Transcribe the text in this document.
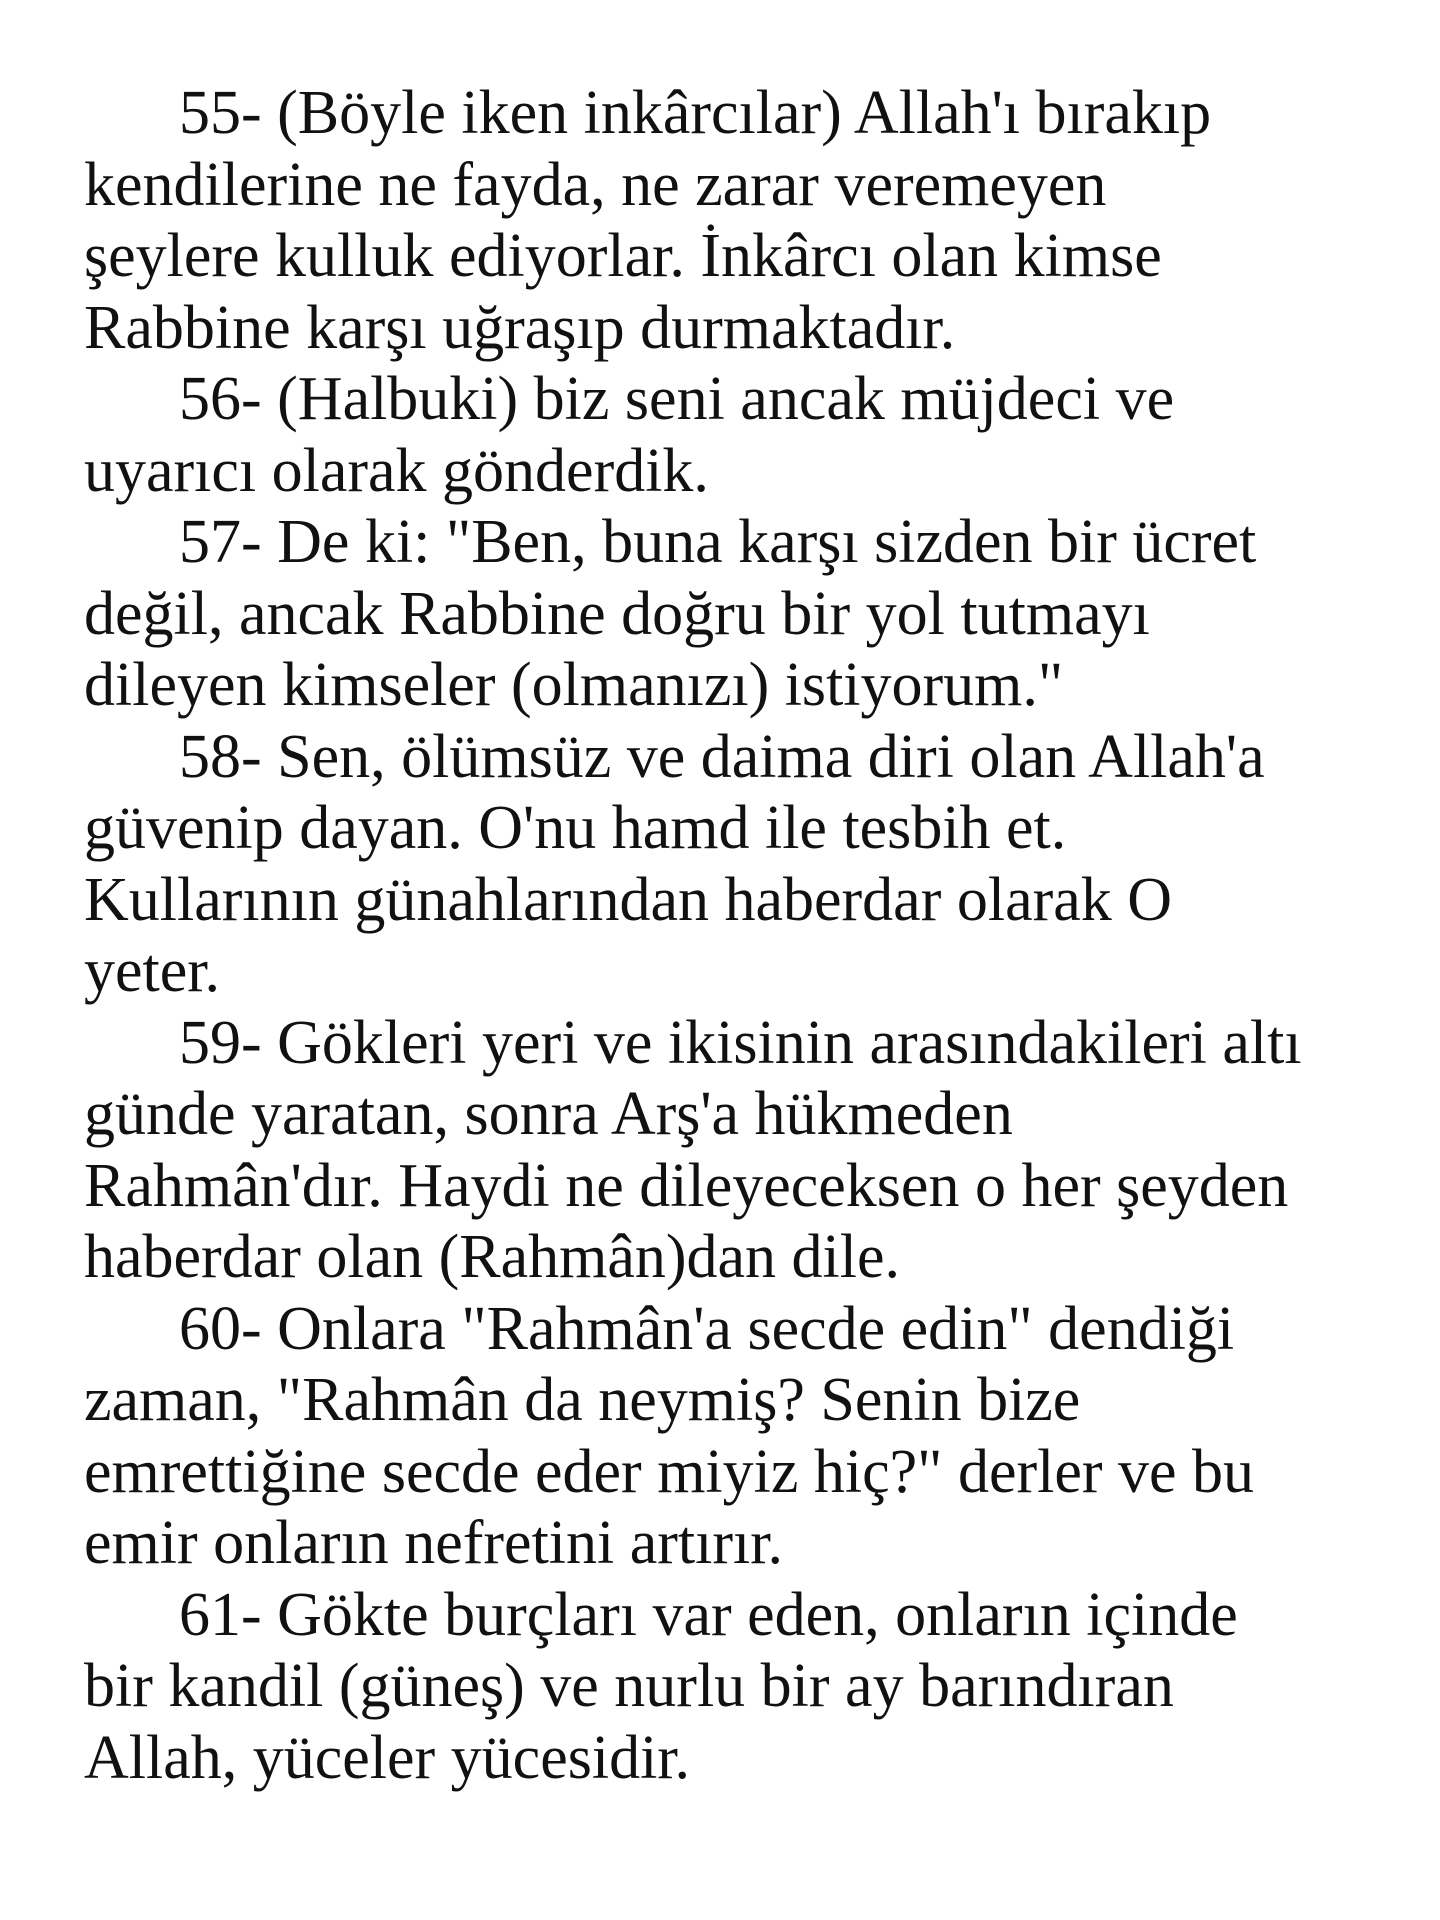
55- (Böyle iken inkârcılar) Allah'ı bırakıp
kendilerine ne fayda, ne zarar veremeyen
şeylere kulluk ediyorlar. İnkârcı olan kimse
Rabbine karşı uğraşıp durmaktadır.

56- (Halbuki) biz seni ancak müjdeci ve
uyarıcı olarak gönderdik.

57- De ki: "Ben, buna karşı sizden bir ücret
değil, ancak Rabbine doğru bir yol tutmayı
dileyen kimseler (olmanızı) istiyorum."

58- Sen, ölümsüz ve daima diri olan Allah'a
güvenip dayan. O'nu hamd ile tesbih et.
Kullarının günahlarından haberdar olarak O
yeter.

59- Gökleri yeri ve ikisinin arasındakileri altı
günde yaratan, sonra Arş'a hükmeden
Rahmân'dır. Haydi ne dileyeceksen o her şeyden
haberdar olan (Rahmân)dan dile.

60- Onlara "Rahmân'a secde edin" dendiği
zaman, "Rahmân da neymiş? Senin bize
emrettiğine secde eder miyiz hiç?" derler ve bu
emir onların nefretini artırır.

61- Gökte burçları var eden, onların içinde
bir kandil (güneş) ve nurlu bir ay barındıran
Allah, yüceler yücesidir.
